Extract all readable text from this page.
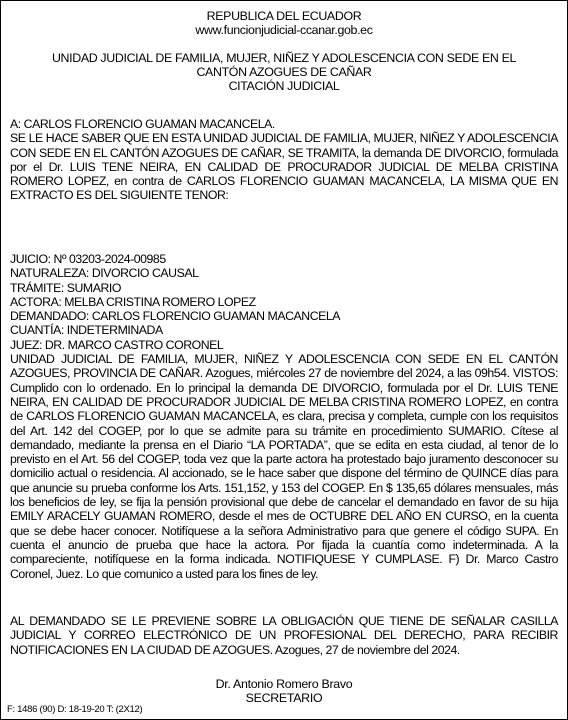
REPUBLICA DEL ECUADOR
www.funcionjudicial-ccanar.gob.ec
UNIDAD JUDICIAL DE FAMILIA, MUJER, NIÑEZ Y ADOLESCENCIA CON SEDE EN EL
CANTÓN AZOGUES DE CAÑAR
CITACIÓN JUDICIAL
A: CARLOS FLORENCIO GUAMAN MACANCELA.
SE LE HACE SABER QUE EN ESTA UNIDAD JUDICIAL DE FAMILIA, MUJER, NIÑEZ Y ADOLESCENCIA CON SEDE EN EL CANTÓN AZOGUES DE CAÑAR, SE TRAMITA, la demanda DE DIVORCIO, formulada por el Dr. LUIS TENE NEIRA, EN CALIDAD DE PROCURADOR JUDICIAL DE MELBA CRISTINA ROMERO LOPEZ, en contra de CARLOS FLORENCIO GUAMAN MACANCELA, LA MISMA QUE EN EXTRACTO ES DEL SIGUIENTE TENOR:
JUICIO: Nº 03203-2024-00985
NATURALEZA: DIVORCIO CAUSAL
TRÁMITE: SUMARIO
ACTORA: MELBA CRISTINA ROMERO LOPEZ
DEMANDADO: CARLOS FLORENCIO GUAMAN MACANCELA
CUANTÍA: INDETERMINADA
JUEZ: DR. MARCO CASTRO CORONEL
UNIDAD JUDICIAL DE FAMILIA, MUJER, NIÑEZ Y ADOLESCENCIA CON SEDE EN EL CANTÓN AZOGUES, PROVINCIA DE CAÑAR. Azogues, miércoles 27 de noviembre del 2024, a las 09h54. VISTOS: Cumplido con lo ordenado. En lo principal la demanda DE DIVORCIO, formulada por el Dr. LUIS TENE NEIRA, EN CALIDAD DE PROCURADOR JUDICIAL DE MELBA CRISTINA ROMERO LOPEZ, en contra de CARLOS FLORENCIO GUAMAN MACANCELA, es clara, precisa y completa, cumple con los requisitos del Art. 142 del COGEP, por lo que se admite para su trámite en procedimiento SUMARIO. Cítese al demandado, mediante la prensa en el Diario “LA PORTADA”, que se edita en esta ciudad, al tenor de lo previsto en el Art. 56 del COGEP, toda vez que la parte actora ha protestado bajo juramento desconocer su domicilio actual o residencia. Al accionado, se le hace saber que dispone del término de QUINCE días para que anuncie su prueba conforme los Arts. 151,152, y 153 del COGEP. En $ 135,65 dólares mensuales, más los beneficios de ley, se fija la pensión provisional que debe de cancelar el demandado en favor de su hija EMILY ARACELY GUAMAN ROMERO, desde el mes de OCTUBRE DEL AÑO EN CURSO, en la cuenta que se debe hacer conocer. Notifíquese a la señora Administrativo para que genere el código SUPA. En cuenta el anuncio de prueba que hace la actora. Por fijada la cuantía como indeterminada. A la compareciente, notifíquese en la forma indicada. NOTIFIQUESE Y CUMPLASE. F) Dr. Marco Castro Coronel, Juez. Lo que comunico a usted para los fines de ley.
AL DEMANDADO SE LE PREVIENE SOBRE LA OBLIGACIÓN QUE TIENE DE SEÑALAR CASILLA JUDICIAL Y CORREO ELECTRÓNICO DE UN PROFESIONAL DEL DERECHO, PARA RECIBIR NOTIFICACIONES EN LA CIUDAD DE AZOGUES. Azogues, 27 de noviembre del 2024.
Dr. Antonio Romero Bravo
SECRETARIO
F: 1486 (90) D: 18-19-20 T: (2X12)
